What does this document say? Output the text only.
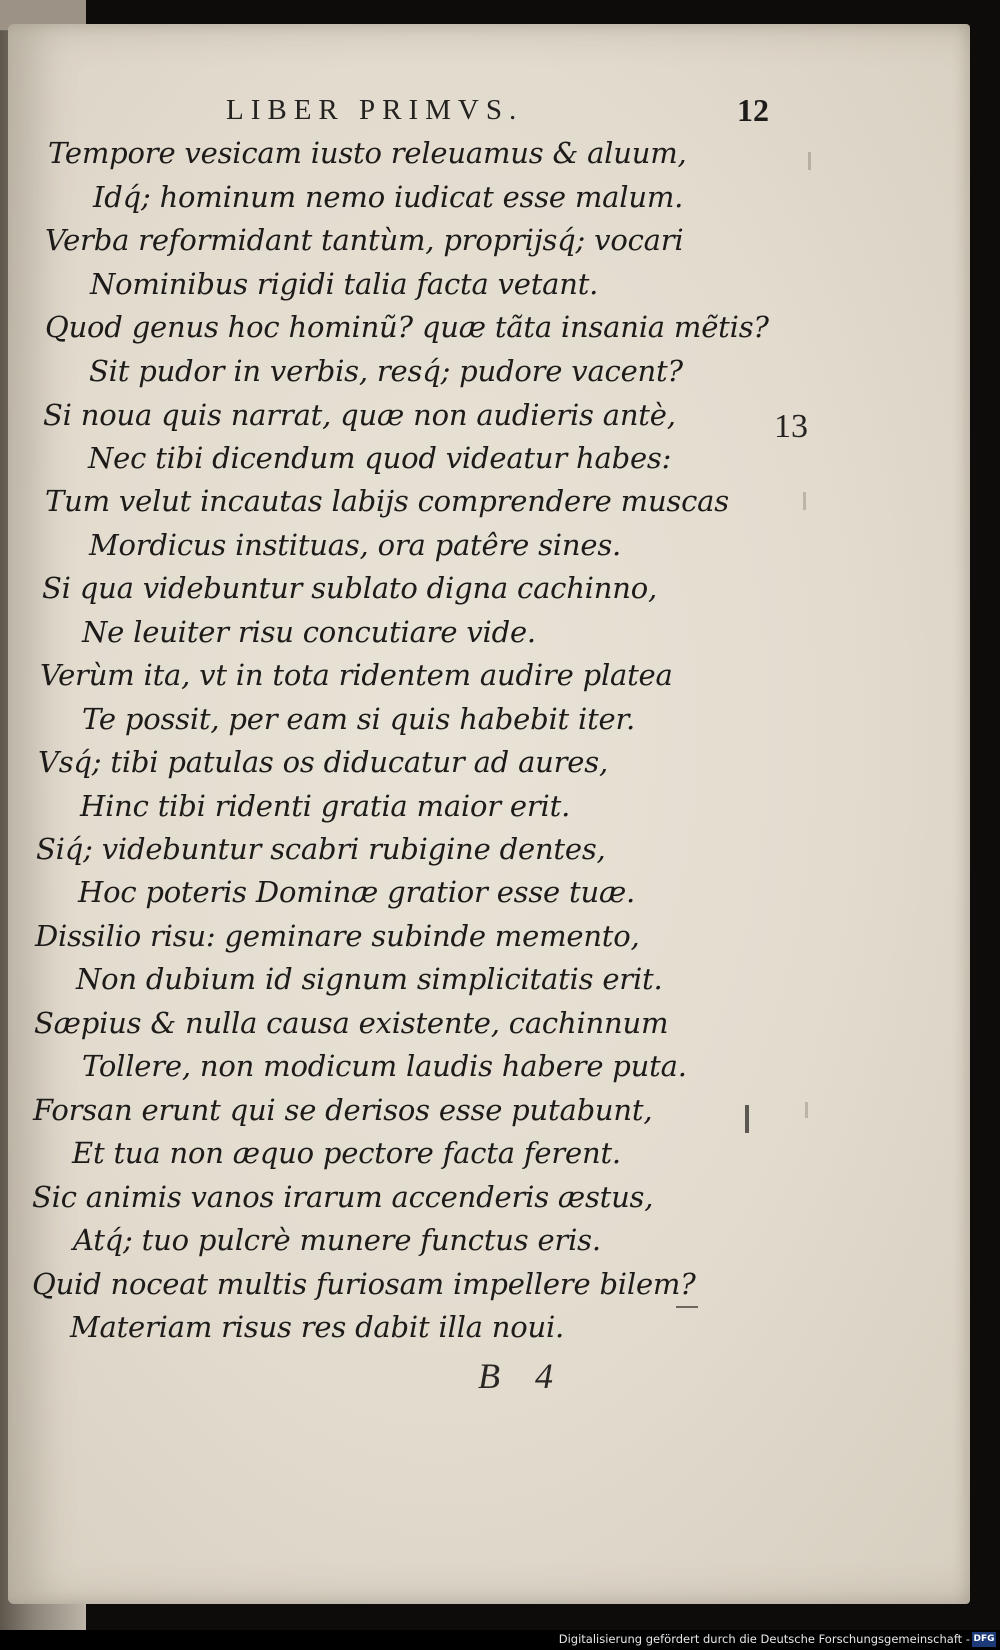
LIBER PRIMVS.	12
Tempore vesicam iusto releuamus & aluum,
Idq́; hominum nemo iudicat esse malum.
Verba reformidant tantùm, proprijsq́; vocari
Nominibus rigidi talia facta vetant.
Quod genus hoc hominũ? quæ tãta insania mẽtis?
Sit pudor in verbis, resq́; pudore vacent?
Si noua quis narrat, quæ non audieris antè,
Nec tibi dicendum quod videatur habes:
Tum velut incautas labijs comprendere muscas
Mordicus instituas, ora patêre sines.
Si qua videbuntur sublato digna cachinno,
Ne leuiter risu concutiare vide.
Verùm ita, vt in tota ridentem audire platea
Te possit, per eam si quis habebit iter.
Vsq́; tibi patulas os diducatur ad aures,
Hinc tibi ridenti gratia maior erit.
Siq́; videbuntur scabri rubigine dentes,
Hoc poteris Dominæ gratior esse tuæ.
Dissilio risu: geminare subinde memento,
Non dubium id signum simplicitatis erit.
Sæpius & nulla causa existente, cachinnum
Tollere, non modicum laudis habere puta.
Forsan erunt qui se derisos esse putabunt,
Et tua non æquo pectore facta ferent.
Sic animis vanos irarum accenderis æstus,
Atq́; tuo pulcrè munere functus eris.
Quid noceat multis furiosam impellere bilem?
Materiam risus res dabit illa noui.
13
B 4
Digitalisierung gefördert durch die Deutsche Forschungsgemeinschaft - DFG
